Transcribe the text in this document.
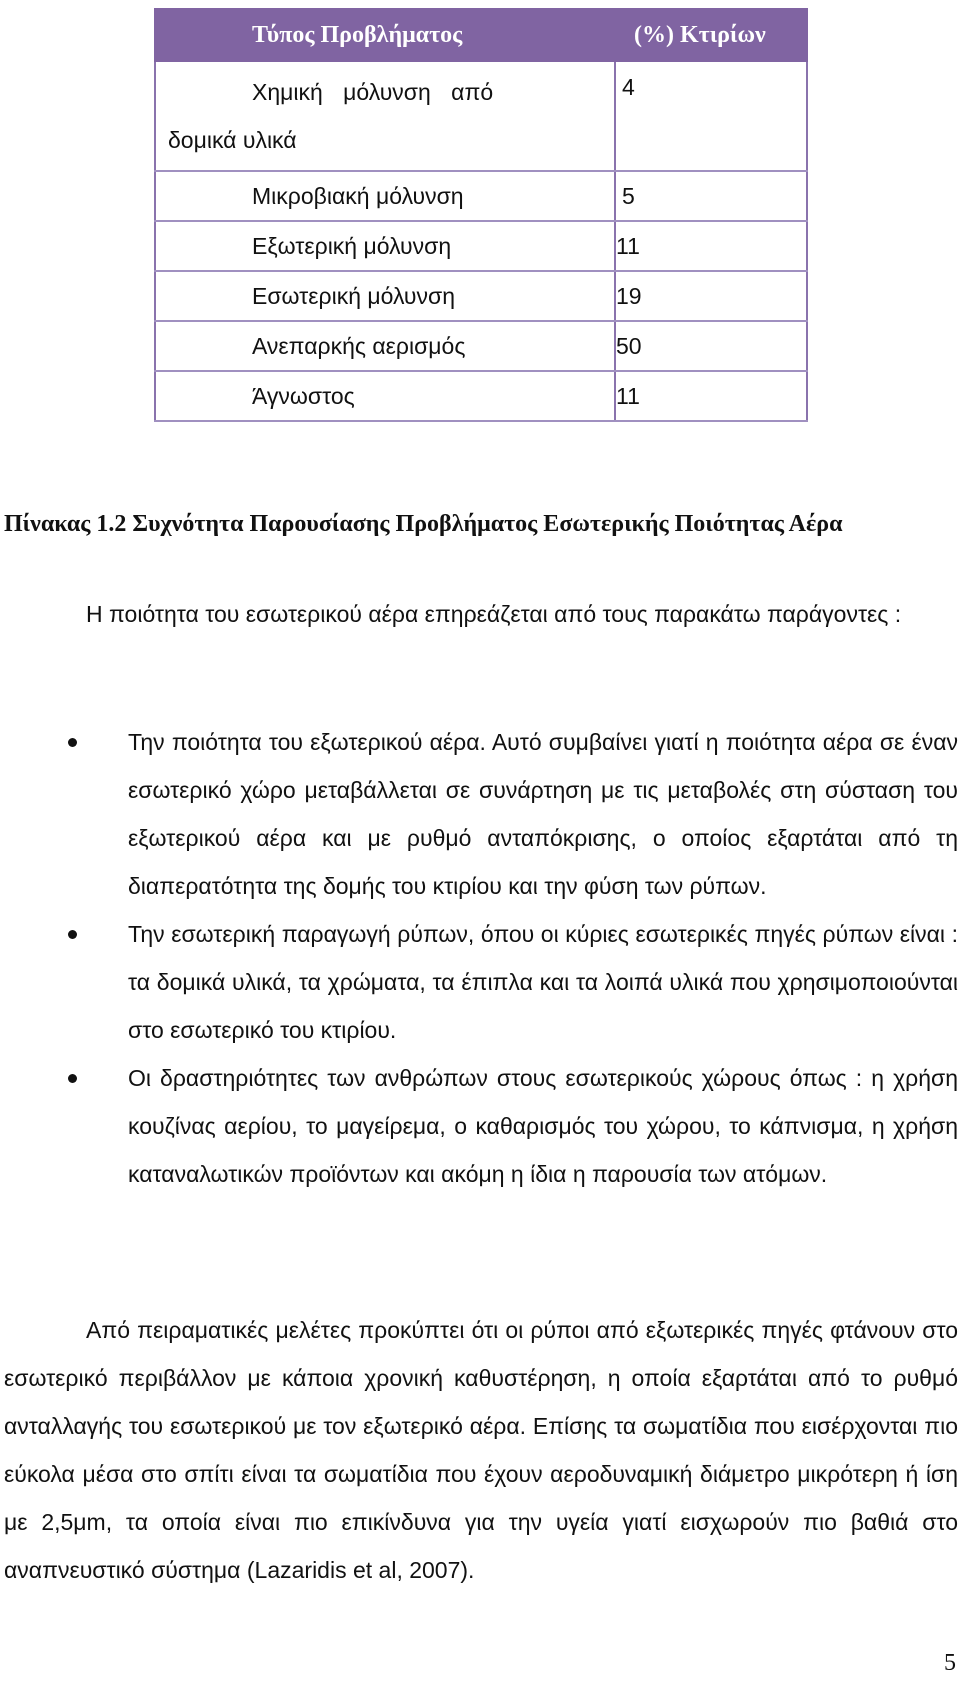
Τύπος Προβλήματος	(%) Κτιρίων
Χημική μόλυνση από
δομικά υλικά	4
Μικροβιακή μόλυνση	5
Εξωτερική μόλυνση	11
Εσωτερική μόλυνση	19
Ανεπαρκής αερισμός	50
Άγνωστος	11

Πίνακας 1.2 Συχνότητα Παρουσίασης Προβλήματος Εσωτερικής Ποιότητας Αέρα

Η ποιότητα του εσωτερικού αέρα επηρεάζεται από τους παρακάτω παράγοντες :

Την ποιότητα του εξωτερικού αέρα. Αυτό συμβαίνει γιατί η ποιότητα αέρα σε έναν εσωτερικό χώρο μεταβάλλεται σε συνάρτηση με τις μεταβολές στη σύσταση του εξωτερικού αέρα και με ρυθμό ανταπόκρισης, ο οποίος εξαρτάται από τη διαπερατότητα της δομής του κτιρίου και την φύση των ρύπων.
Την εσωτερική παραγωγή ρύπων, όπου οι κύριες εσωτερικές πηγές ρύπων είναι : τα δομικά υλικά, τα χρώματα, τα έπιπλα και τα λοιπά υλικά που χρησιμοποιούνται στο εσωτερικό του κτιρίου.
Οι δραστηριότητες των ανθρώπων στους εσωτερικούς χώρους όπως : η χρήση κουζίνας αερίου, το μαγείρεμα, ο καθαρισμός του χώρου, το κάπνισμα, η χρήση καταναλωτικών προϊόντων και ακόμη η ίδια η παρουσία των ατόμων.

Από πειραματικές μελέτες προκύπτει ότι οι ρύποι από εξωτερικές πηγές φτάνουν στο εσωτερικό περιβάλλον με κάποια χρονική καθυστέρηση, η οποία εξαρτάται από το ρυθμό ανταλλαγής του εσωτερικού με τον εξωτερικό αέρα. Επίσης τα σωματίδια που εισέρχονται πιο εύκολα μέσα στο σπίτι είναι τα σωματίδια που έχουν αεροδυναμική διάμετρο μικρότερη ή ίση με 2,5μm, τα οποία είναι πιο επικίνδυνα για την υγεία γιατί εισχωρούν πιο βαθιά στο αναπνευστικό σύστημα (Lazaridis et al, 2007).

5
